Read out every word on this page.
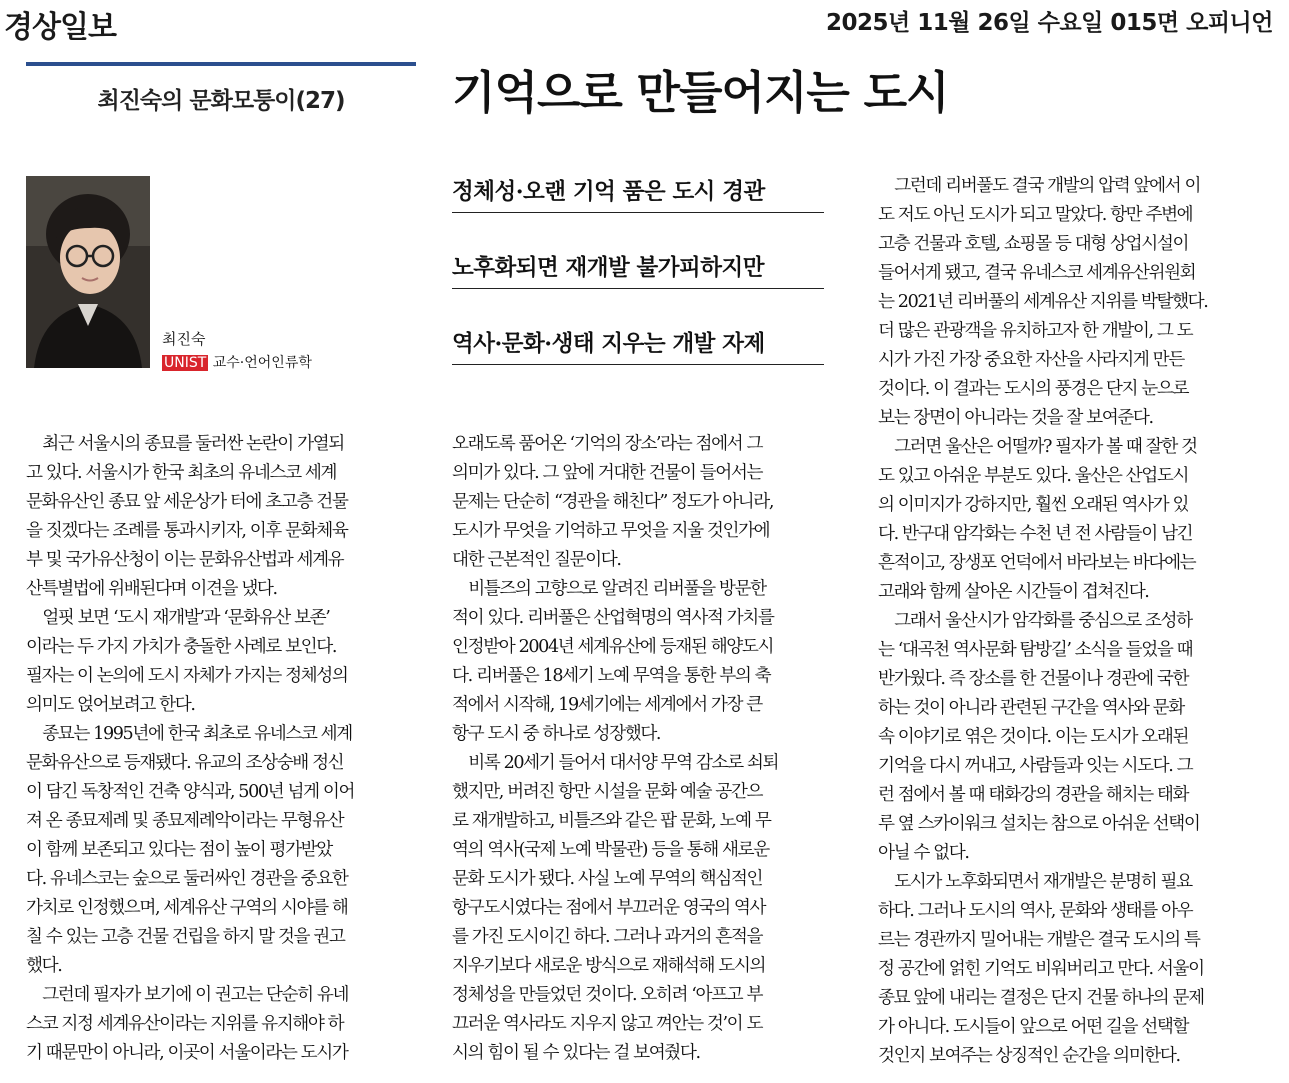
경상일보	2025년 11월 26일 수요일 015면 오피니언
최진숙의 문화모퉁이(27)	기억으로 만들어지는 도시
최진숙
UNIST 교수·언어인류학
정체성·오랜 기억 품은 도시 경관
노후화되면 재개발 불가피하지만
역사·문화·생태 지우는 개발 자제
　최근 서울시의 종묘를 둘러싼 논란이 가열되
고 있다. 서울시가 한국 최초의 유네스코 세계
문화유산인 종묘 앞 세운상가 터에 초고층 건물
을 짓겠다는 조례를 통과시키자, 이후 문화체육
부 및 국가유산청이 이는 문화유산법과 세계유
산특별법에 위배된다며 이견을 냈다.
　얼핏 보면 ‘도시 재개발’과 ‘문화유산 보존’
이라는 두 가지 가치가 충돌한 사례로 보인다.
필자는 이 논의에 도시 자체가 가지는 정체성의
의미도 얹어보려고 한다.
　종묘는 1995년에 한국 최초로 유네스코 세계
문화유산으로 등재됐다. 유교의 조상숭배 정신
이 담긴 독창적인 건축 양식과, 500년 넘게 이어
져 온 종묘제례 및 종묘제례악이라는 무형유산
이 함께 보존되고 있다는 점이 높이 평가받았
다. 유네스코는 숲으로 둘러싸인 경관을 중요한
가치로 인정했으며, 세계유산 구역의 시야를 해
칠 수 있는 고층 건물 건립을 하지 말 것을 권고
했다.
　그런데 필자가 보기에 이 권고는 단순히 유네
스코 지정 세계유산이라는 지위를 유지해야 하
기 때문만이 아니라, 이곳이 서울이라는 도시가
오래도록 품어온 ‘기억의 장소’라는 점에서 그
의미가 있다. 그 앞에 거대한 건물이 들어서는
문제는 단순히 “경관을 해친다” 정도가 아니라,
도시가 무엇을 기억하고 무엇을 지울 것인가에
대한 근본적인 질문이다.
　비틀즈의 고향으로 알려진 리버풀을 방문한
적이 있다. 리버풀은 산업혁명의 역사적 가치를
인정받아 2004년 세계유산에 등재된 해양도시
다. 리버풀은 18세기 노예 무역을 통한 부의 축
적에서 시작해, 19세기에는 세계에서 가장 큰
항구 도시 중 하나로 성장했다.
　비록 20세기 들어서 대서양 무역 감소로 쇠퇴
했지만, 버려진 항만 시설을 문화 예술 공간으
로 재개발하고, 비틀즈와 같은 팝 문화, 노예 무
역의 역사(국제 노예 박물관) 등을 통해 새로운
문화 도시가 됐다. 사실 노예 무역의 핵심적인
항구도시였다는 점에서 부끄러운 영국의 역사
를 가진 도시이긴 하다. 그러나 과거의 흔적을
지우기보다 새로운 방식으로 재해석해 도시의
정체성을 만들었던 것이다. 오히려 ‘아프고 부
끄러운 역사라도 지우지 않고 껴안는 것’이 도
시의 힘이 될 수 있다는 걸 보여줬다.
　그런데 리버풀도 결국 개발의 압력 앞에서 이
도 저도 아닌 도시가 되고 말았다. 항만 주변에
고층 건물과 호텔, 쇼핑몰 등 대형 상업시설이
들어서게 됐고, 결국 유네스코 세계유산위원회
는 2021년 리버풀의 세계유산 지위를 박탈했다.
더 많은 관광객을 유치하고자 한 개발이, 그 도
시가 가진 가장 중요한 자산을 사라지게 만든
것이다. 이 결과는 도시의 풍경은 단지 눈으로
보는 장면이 아니라는 것을 잘 보여준다.
　그러면 울산은 어떨까? 필자가 볼 때 잘한 것
도 있고 아쉬운 부분도 있다. 울산은 산업도시
의 이미지가 강하지만, 훨씬 오래된 역사가 있
다. 반구대 암각화는 수천 년 전 사람들이 남긴
흔적이고, 장생포 언덕에서 바라보는 바다에는
고래와 함께 살아온 시간들이 겹쳐진다.
　그래서 울산시가 암각화를 중심으로 조성하
는 ‘대곡천 역사문화 탐방길’ 소식을 들었을 때
반가웠다. 즉 장소를 한 건물이나 경관에 국한
하는 것이 아니라 관련된 구간을 역사와 문화
속 이야기로 엮은 것이다. 이는 도시가 오래된
기억을 다시 꺼내고, 사람들과 잇는 시도다. 그
런 점에서 볼 때 태화강의 경관을 해치는 태화
루 옆 스카이워크 설치는 참으로 아쉬운 선택이
아닐 수 없다.
　도시가 노후화되면서 재개발은 분명히 필요
하다. 그러나 도시의 역사, 문화와 생태를 아우
르는 경관까지 밀어내는 개발은 결국 도시의 특
정 공간에 얽힌 기억도 비워버리고 만다. 서울이
종묘 앞에 내리는 결정은 단지 건물 하나의 문제
가 아니다. 도시들이 앞으로 어떤 길을 선택할
것인지 보여주는 상징적인 순간을 의미한다.
